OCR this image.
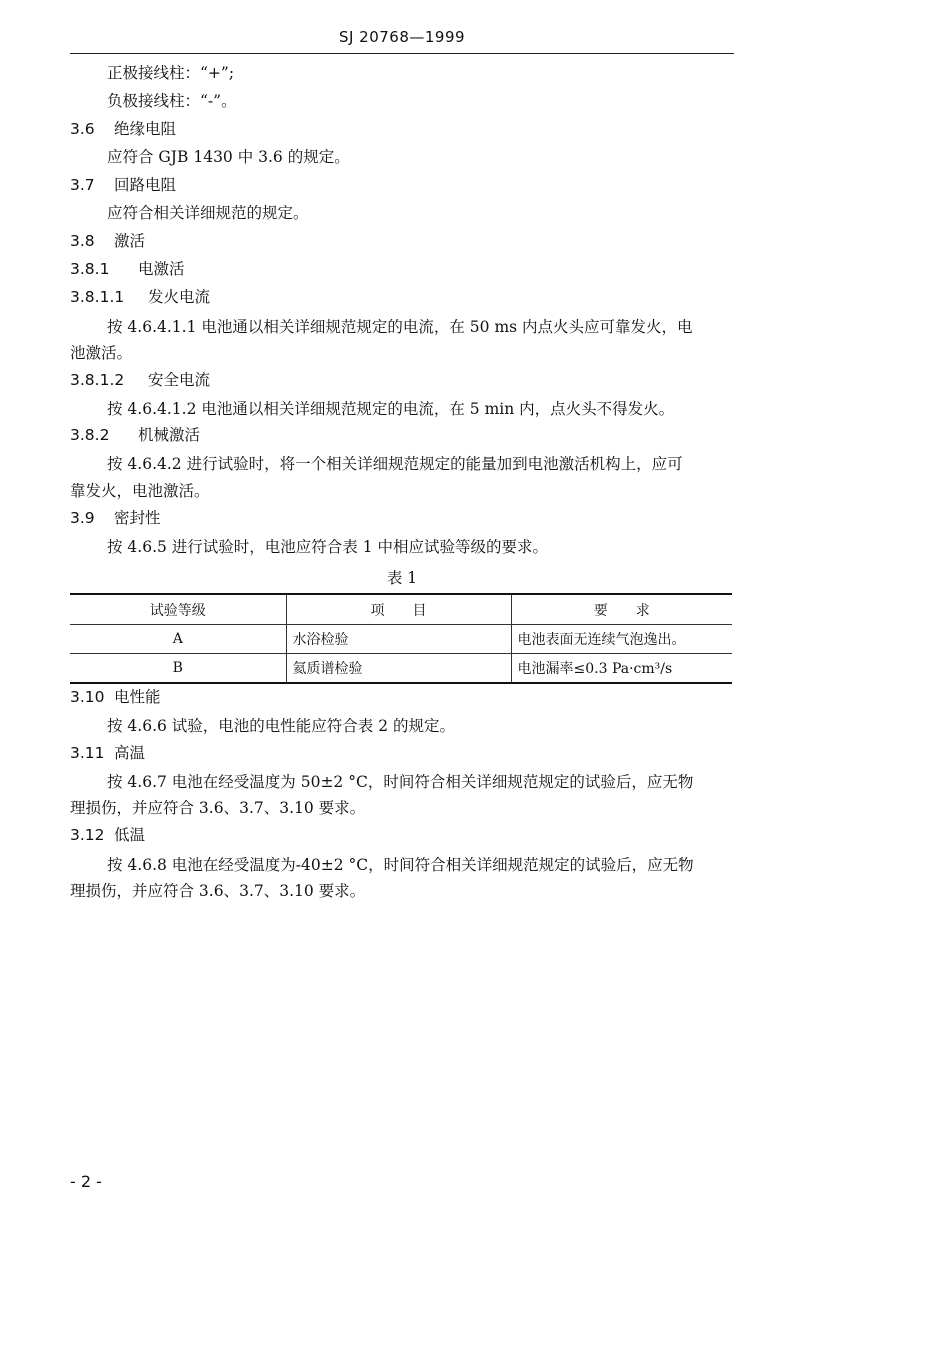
SJ 20768—1999
正极接线柱：“+”;
负极接线柱：“-”。
3.6 绝缘电阻
应符合 GJB 1430 中 3.6 的规定。
3.7 回路电阻
应符合相关详细规范的规定。
3.8 激活
3.8.1 电激活
3.8.1.1 发火电流
按 4.6.4.1.1 电池通以相关详细规范规定的电流，在 50 ms 内点火头应可靠发火，电
池激活。
3.8.1.2 安全电流
按 4.6.4.1.2 电池通以相关详细规范规定的电流，在 5 min 内，点火头不得发火。
3.8.2 机械激活
按 4.6.4.2 进行试验时，将一个相关详细规范规定的能量加到电池激活机构上，应可
靠发火，电池激活。
3.9 密封性
按 4.6.5 进行试验时，电池应符合表 1 中相应试验等级的要求。
表 1
试验等级	项　　目	要　　求
A	水浴检验	电池表面无连续气泡逸出。
B	氦质谱检验	电池漏率≤0.3 Pa·cm³/s
3.10 电性能
按 4.6.6 试验，电池的电性能应符合表 2 的规定。
3.11 高温
按 4.6.7 电池在经受温度为 50±2 °C，时间符合相关详细规范规定的试验后，应无物
理损伤，并应符合 3.6、3.7、3.10 要求。
3.12 低温
按 4.6.8 电池在经受温度为-40±2 °C，时间符合相关详细规范规定的试验后，应无物
理损伤，并应符合 3.6、3.7、3.10 要求。
- 2 -
